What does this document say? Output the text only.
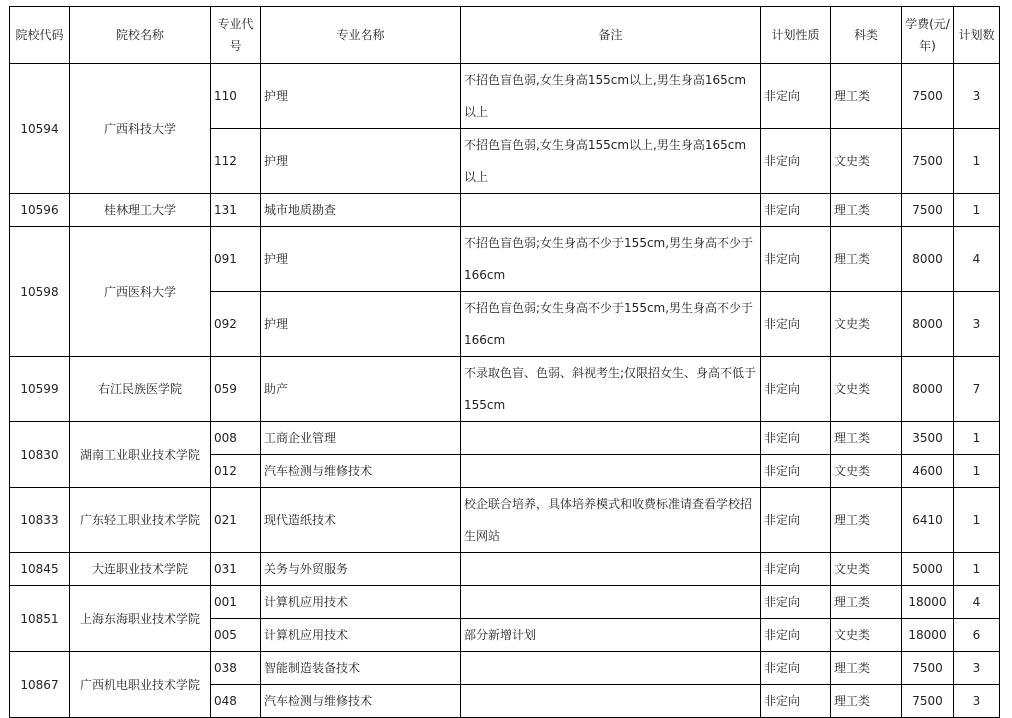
院校代码	院校名称	专业代号	专业名称	备注	计划性质	科类	学费(元/年)	计划数
10594	广西科技大学	110	护理	不招色盲色弱,女生身高155cm以上,男生身高165cm以上	非定向	理工类	7500	3
		112	护理	不招色盲色弱,女生身高155cm以上,男生身高165cm以上	非定向	文史类	7500	1
10596	桂林理工大学	131	城市地质勘查		非定向	理工类	7500	1
10598	广西医科大学	091	护理	不招色盲色弱;女生身高不少于155cm,男生身高不少于166cm	非定向	理工类	8000	4
		092	护理	不招色盲色弱;女生身高不少于155cm,男生身高不少于166cm	非定向	文史类	8000	3
10599	右江民族医学院	059	助产	不录取色盲、色弱、斜视考生;仅限招女生、身高不低于155cm	非定向	文史类	8000	7
10830	湖南工业职业技术学院	008	工商企业管理		非定向	理工类	3500	1
		012	汽车检测与维修技术		非定向	文史类	4600	1
10833	广东轻工职业技术学院	021	现代造纸技术	校企联合培养，具体培养模式和收费标准请查看学校招生网站	非定向	理工类	6410	1
10845	大连职业技术学院	031	关务与外贸服务		非定向	文史类	5000	1
10851	上海东海职业技术学院	001	计算机应用技术		非定向	理工类	18000	4
		005	计算机应用技术	部分新增计划	非定向	文史类	18000	6
10867	广西机电职业技术学院	038	智能制造装备技术		非定向	理工类	7500	3
		048	汽车检测与维修技术		非定向	理工类	7500	3
